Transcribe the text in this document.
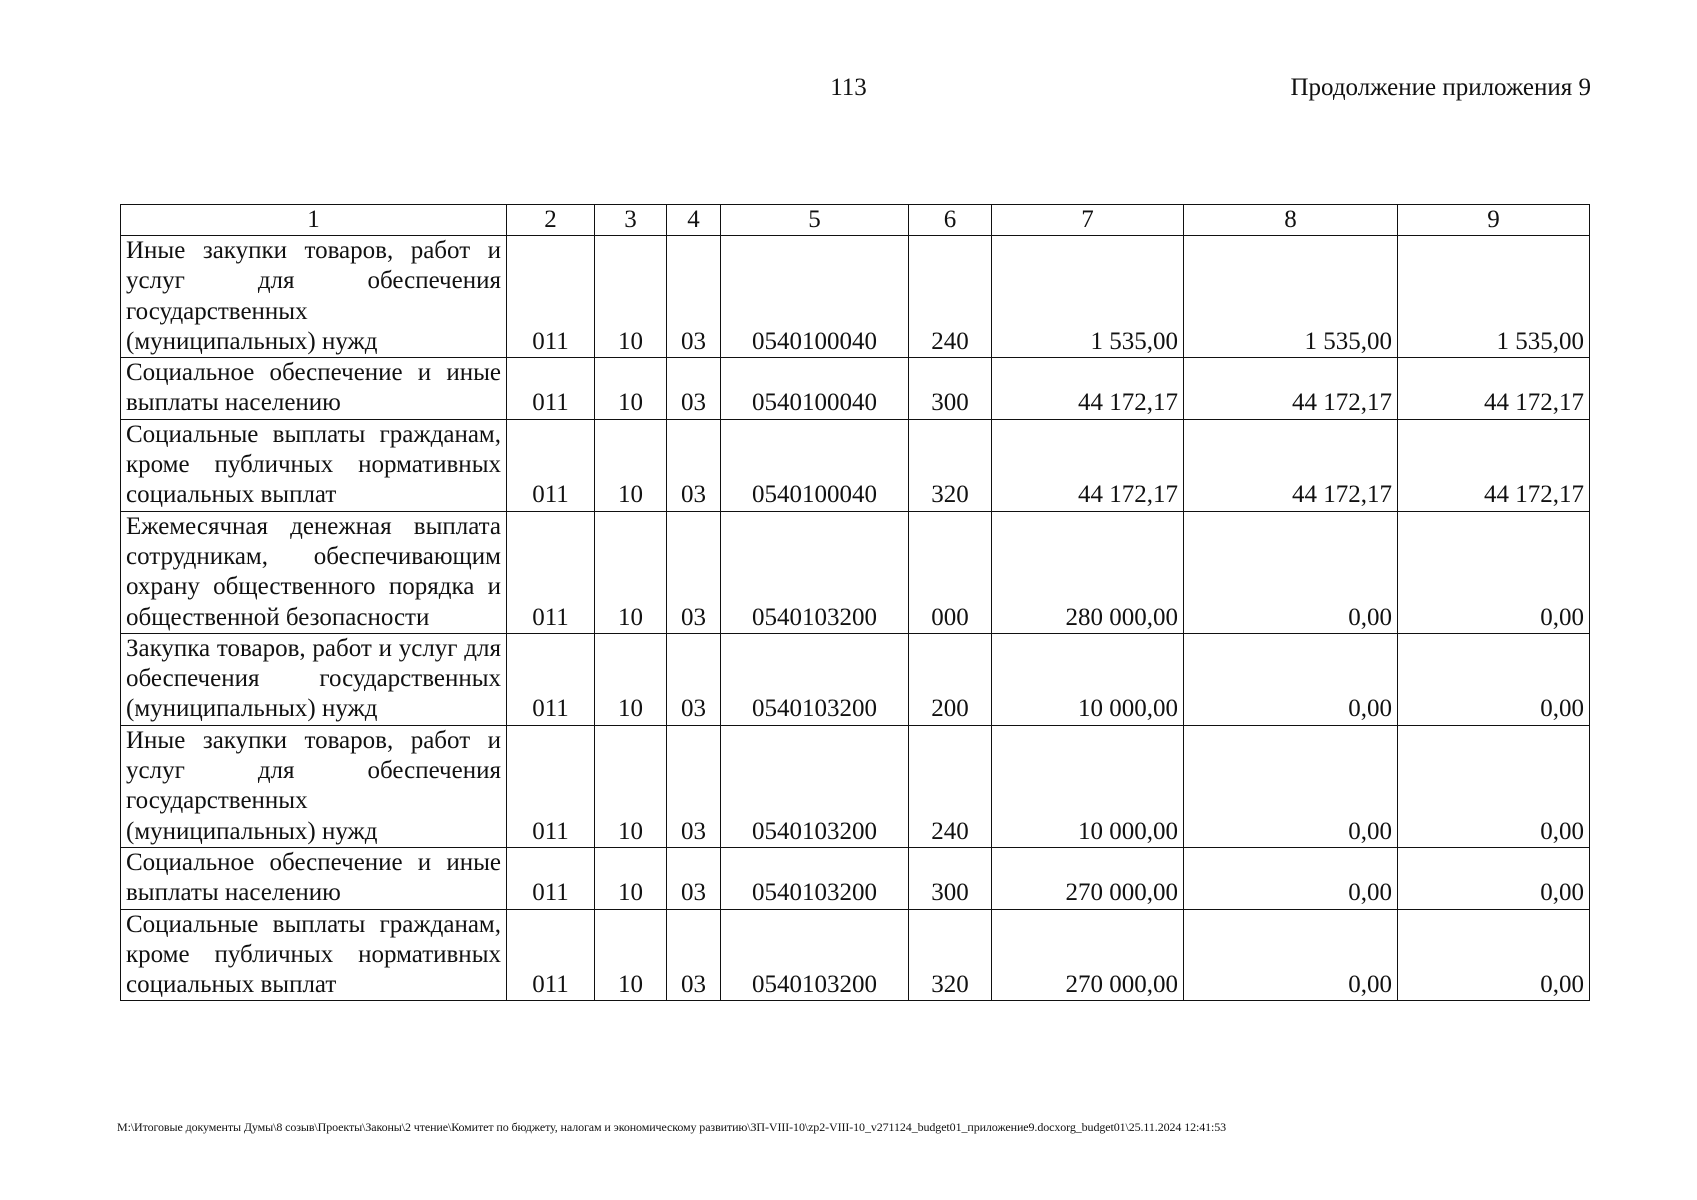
113	Продолжение приложения 9
1	2	3	4	5	6	7	8	9
Иные закупки товаров, работ и услуг для обеспечения государственных (муниципальных) нужд	011	10	03	0540100040	240	1 535,00	1 535,00	1 535,00
Социальное обеспечение и иные выплаты населению	011	10	03	0540100040	300	44 172,17	44 172,17	44 172,17
Социальные выплаты гражданам, кроме публичных нормативных социальных выплат	011	10	03	0540100040	320	44 172,17	44 172,17	44 172,17
Ежемесячная денежная выплата сотрудникам, обеспечивающим охрану общественного порядка и общественной безопасности	011	10	03	0540103200	000	280 000,00	0,00	0,00
Закупка товаров, работ и услуг для обеспечения государственных (муниципальных) нужд	011	10	03	0540103200	200	10 000,00	0,00	0,00
Иные закупки товаров, работ и услуг для обеспечения государственных (муниципальных) нужд	011	10	03	0540103200	240	10 000,00	0,00	0,00
Социальное обеспечение и иные выплаты населению	011	10	03	0540103200	300	270 000,00	0,00	0,00
Социальные выплаты гражданам, кроме публичных нормативных социальных выплат	011	10	03	0540103200	320	270 000,00	0,00	0,00
M:\Итоговые документы Думы\8 созыв\Проекты\Законы\2 чтение\Комитет по бюджету, налогам и экономическому развитию\ЗП-VIII-10\zp2-VIII-10_v271124_budget01_приложение9.docxorg_budget01\25.11.2024 12:41:53
